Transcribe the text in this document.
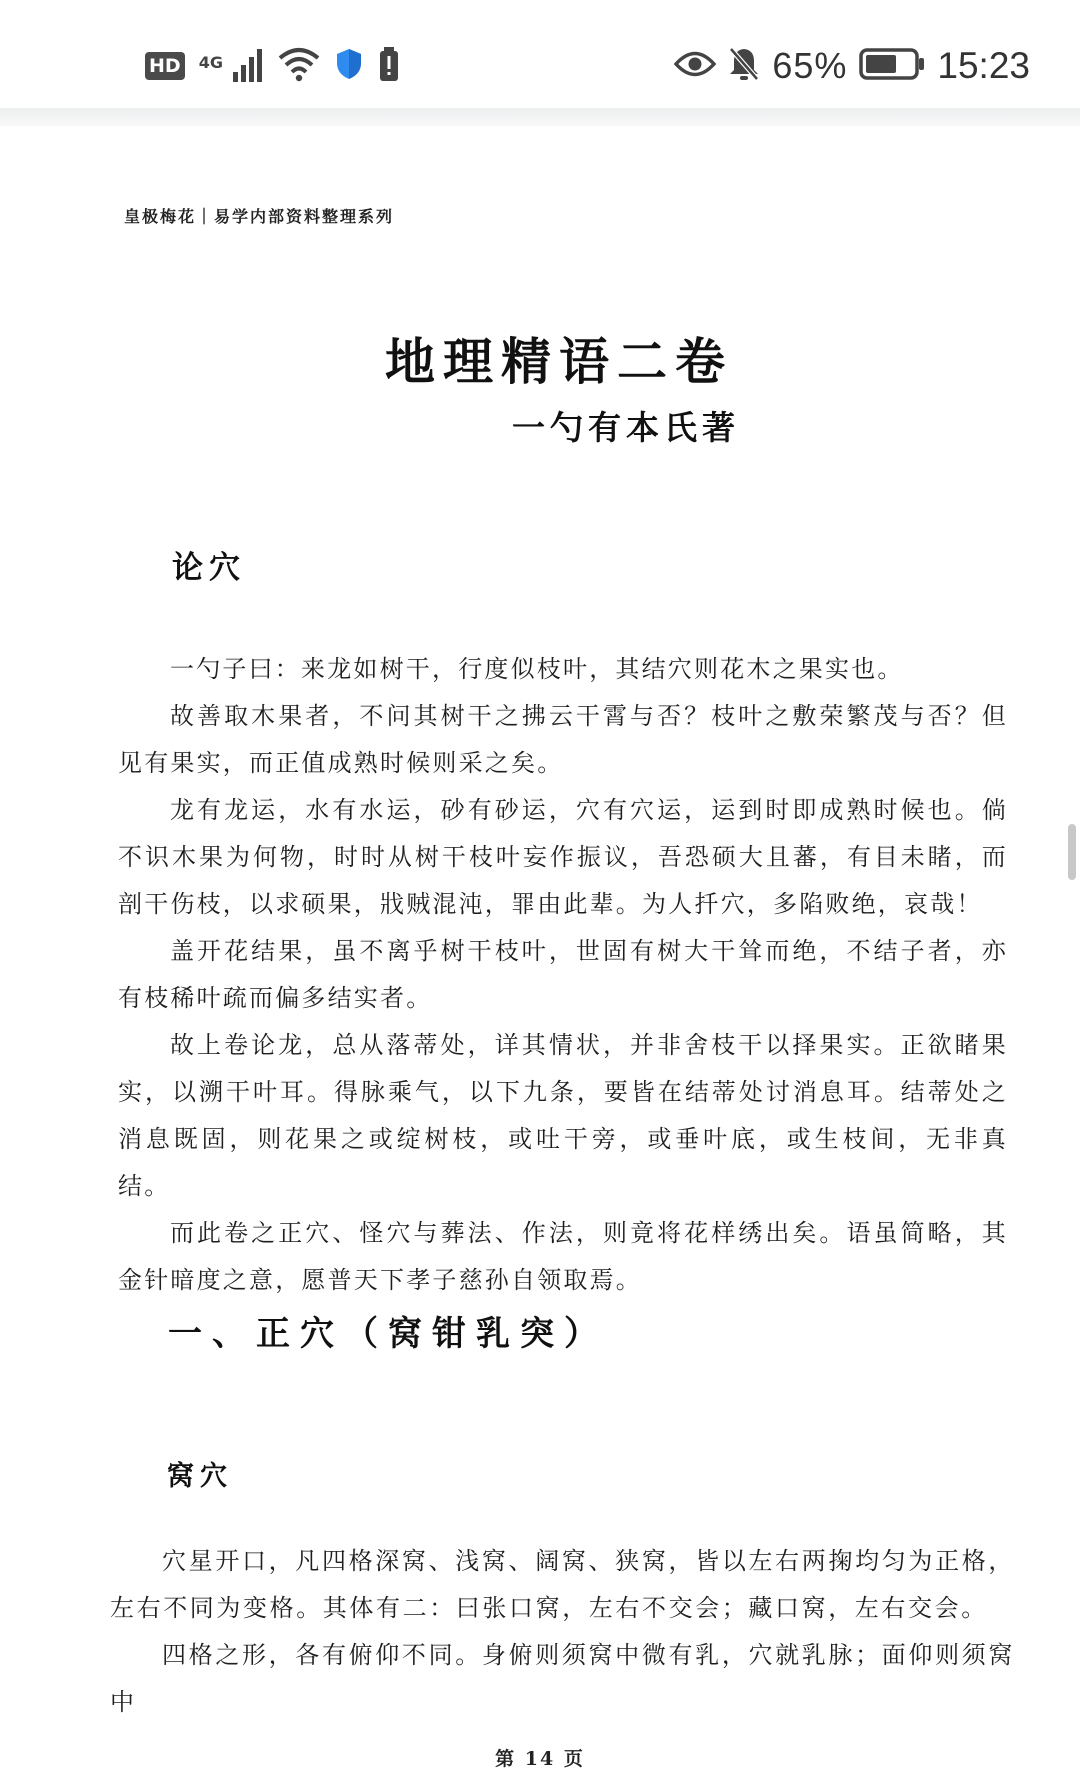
HD 4G	65% 15:23
皇极梅花｜易学内部资料整理系列
地理精语二卷
一勺有本氏著
论穴

一勺子曰：来龙如树干，行度似枝叶，其结穴则花木之果实也。

故善取木果者，不问其树干之拂云干霄与否？枝叶之敷荣繁茂与否？但见有果实，而正值成熟时候则采之矣。

龙有龙运，水有水运，砂有砂运，穴有穴运，运到时即成熟时候也。倘不识木果为何物，时时从树干枝叶妄作振议，吾恐硕大且蕃，有目未睹，而剖干伤枝，以求硕果，戕贼混沌，罪由此辈。为人扦穴，多陷败绝，哀哉！

盖开花结果，虽不离乎树干枝叶，世固有树大干耸而绝，不结子者，亦有枝稀叶疏而偏多结实者。

故上卷论龙，总从落蒂处，详其情状，并非舍枝干以择果实。正欲睹果实，以溯干叶耳。得脉乘气，以下九条，要皆在结蒂处讨消息耳。结蒂处之消息既固，则花果之或绽树枝，或吐干旁，或垂叶底，或生枝间，无非真结。

而此卷之正穴、怪穴与葬法、作法，则竟将花样绣出矣。语虽简略，其金针暗度之意，愿普天下孝子慈孙自领取焉。

一、正穴（窝钳乳突）
窝穴

穴星开口，凡四格深窝、浅窝、阔窝、狭窝，皆以左右两掬均匀为正格，左右不同为变格。其体有二：曰张口窝，左右不交会；藏口窝，左右交会。

四格之形，各有俯仰不同。身俯则须窝中微有乳，穴就乳脉；面仰则须窝中

第 14 页
